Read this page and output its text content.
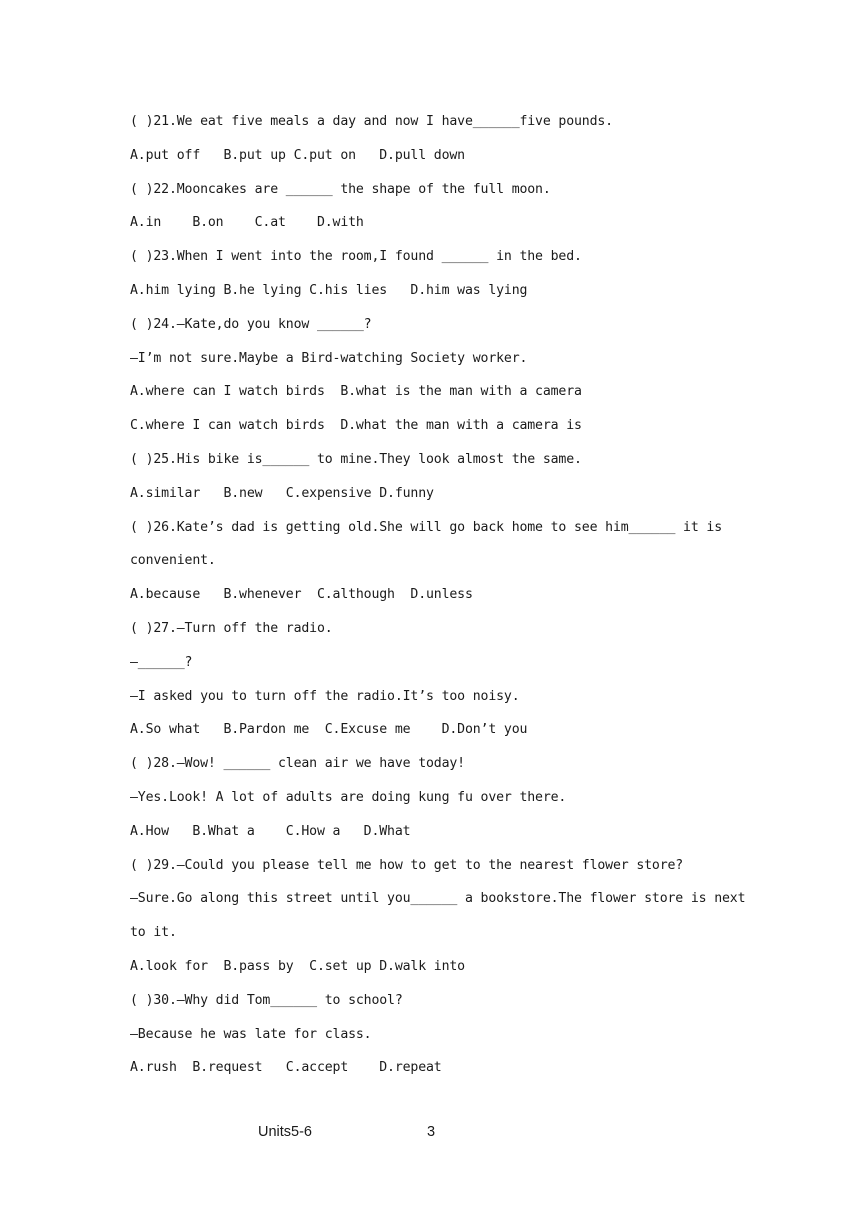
( )21.We eat five meals a day and now I have______five pounds.
A.put off   B.put up C.put on   D.pull down
( )22.Mooncakes are ______ the shape of the full moon.
A.in    B.on    C.at    D.with
( )23.When I went into the room,I found ______ in the bed.
A.him lying B.he lying C.his lies   D.him was lying
( )24.—Kate,do you know ______?
—I’m not sure.Maybe a Bird-watching Society worker.
A.where can I watch birds  B.what is the man with a camera
C.where I can watch birds  D.what the man with a camera is
( )25.His bike is______ to mine.They look almost the same.
A.similar   B.new   C.expensive D.funny
( )26.Kate’s dad is getting old.She will go back home to see him______ it is
convenient.
A.because   B.whenever  C.although  D.unless
( )27.—Turn off the radio.
—______?
—I asked you to turn off the radio.It’s too noisy.
A.So what   B.Pardon me  C.Excuse me    D.Don’t you
( )28.—Wow! ______ clean air we have today!
—Yes.Look! A lot of adults are doing kung fu over there.
A.How   B.What a    C.How a   D.What
( )29.—Could you please tell me how to get to the nearest flower store?
—Sure.Go along this street until you______ a bookstore.The flower store is next
to it.
A.look for  B.pass by  C.set up D.walk into
( )30.—Why did Tom______ to school?
—Because he was late for class.
A.rush  B.request   C.accept    D.repeat
Units5-6	3
